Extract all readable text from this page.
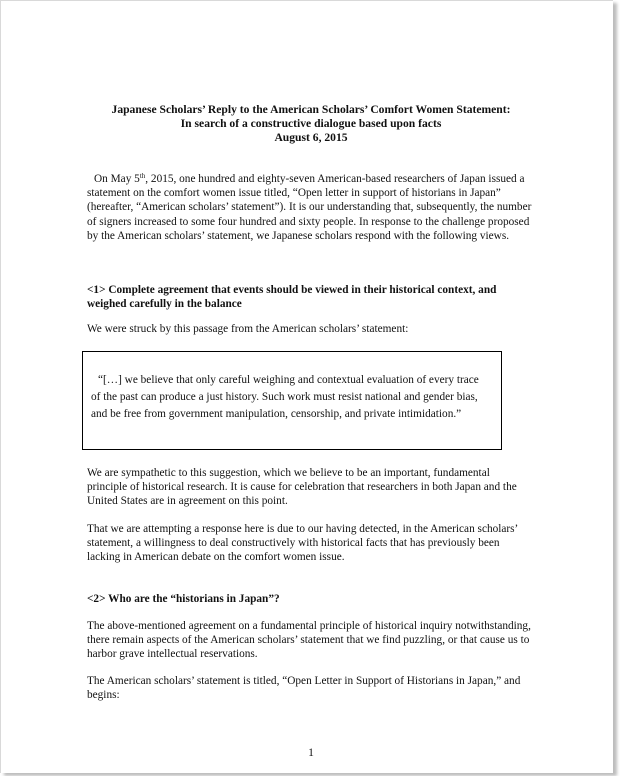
Japanese Scholars’ Reply to the American Scholars’ Comfort Women Statement:
In search of a constructive dialogue based upon facts
August 6, 2015
On May 5th, 2015, one hundred and eighty-seven American-based researchers of Japan issued a statement on the comfort women issue titled, “Open letter in support of historians in Japan” (hereafter, “American scholars’ statement”). It is our understanding that, subsequently, the number of signers increased to some four hundred and sixty people. In response to the challenge proposed by the American scholars’ statement, we Japanese scholars respond with the following views.
<1> Complete agreement that events should be viewed in their historical context, and weighed carefully in the balance
We were struck by this passage from the American scholars’ statement:
“[…] we believe that only careful weighing and contextual evaluation of every trace of the past can produce a just history. Such work must resist national and gender bias, and be free from government manipulation, censorship, and private intimidation.”
We are sympathetic to this suggestion, which we believe to be an important, fundamental principle of historical research. It is cause for celebration that researchers in both Japan and the United States are in agreement on this point.
That we are attempting a response here is due to our having detected, in the American scholars’ statement, a willingness to deal constructively with historical facts that has previously been lacking in American debate on the comfort women issue.
<2> Who are the “historians in Japan”?
The above-mentioned agreement on a fundamental principle of historical inquiry notwithstanding, there remain aspects of the American scholars’ statement that we find puzzling, or that cause us to harbor grave intellectual reservations.
The American scholars’ statement is titled, “Open Letter in Support of Historians in Japan,” and begins:
1
